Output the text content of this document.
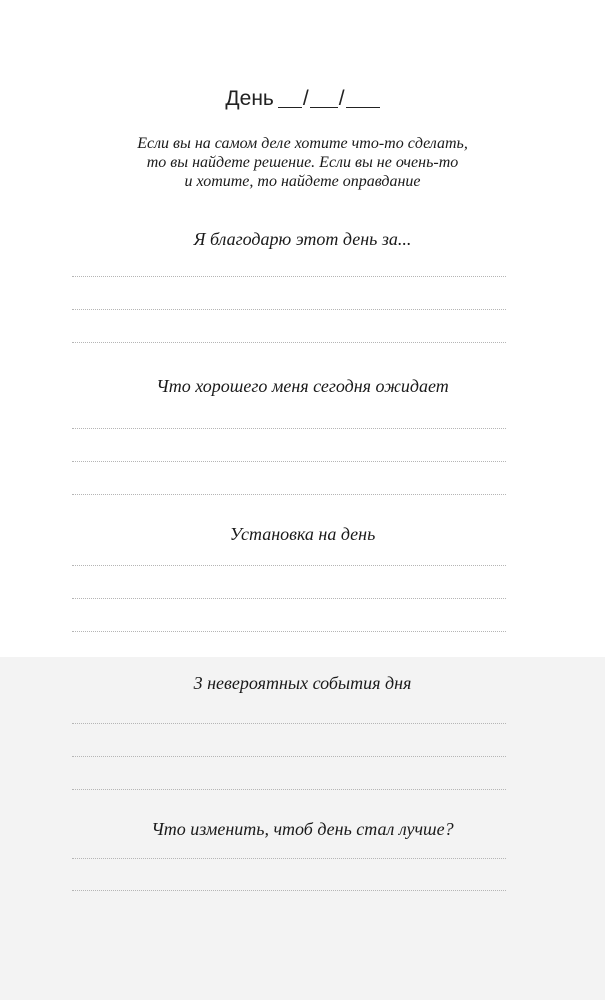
День / /
Если вы на самом деле хотите что-то сделать,
то вы найдете решение. Если вы не очень-то
и хотите, то найдете оправдание
Я благодарю этот день за...
Что хорошего меня сегодня ожидает
Установка на день
3 невероятных события дня
Что изменить, чтоб день стал лучше?
